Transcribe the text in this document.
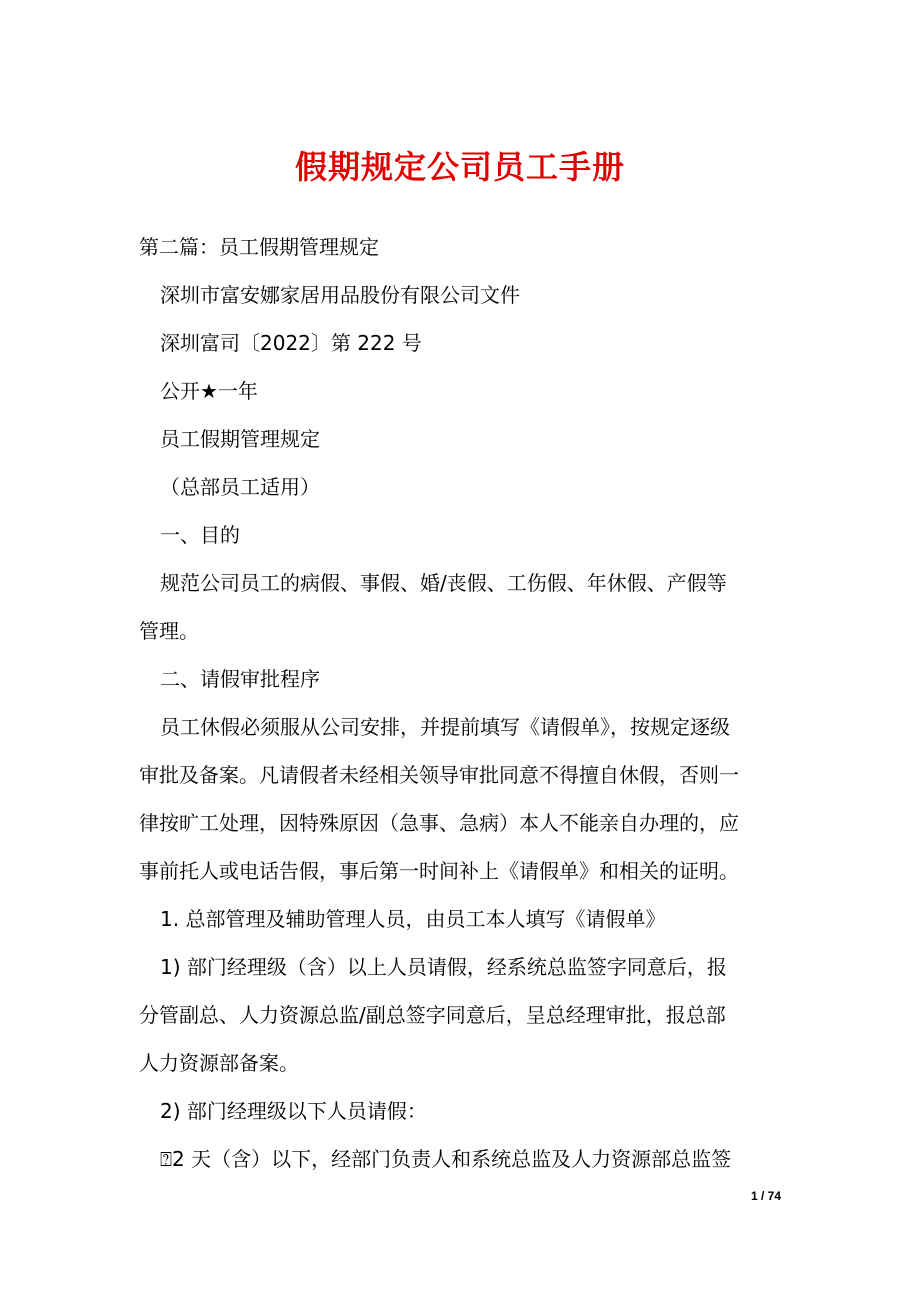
假期规定公司员工手册

第二篇：员工假期管理规定

深圳市富安娜家居用品股份有限公司文件

深圳富司〔2022〕第 222 号

公开★一年

员工假期管理规定

（总部员工适用）

一、目的

规范公司员工的病假、事假、婚/丧假、工伤假、年休假、产假等

管理。

二、请假审批程序

员工休假必须服从公司安排，并提前填写《请假单》，按规定逐级

审批及备案。凡请假者未经相关领导审批同意不得擅自休假，否则一

律按旷工处理，因特殊原因（急事、急病）本人不能亲自办理的，应

事前托人或电话告假，事后第一时间补上《请假单》和相关的证明。

1. 总部管理及辅助管理人员，由员工本人填写《请假单》

1) 部门经理级（含）以上人员请假，经系统总监签字同意后，报

分管副总、人力资源总监/副总签字同意后，呈总经理审批，报总部

人力资源部备案。

2) 部门经理级以下人员请假：

⍰2 天（含）以下，经部门负责人和系统总监及人力资源部总监签

1 / 74
